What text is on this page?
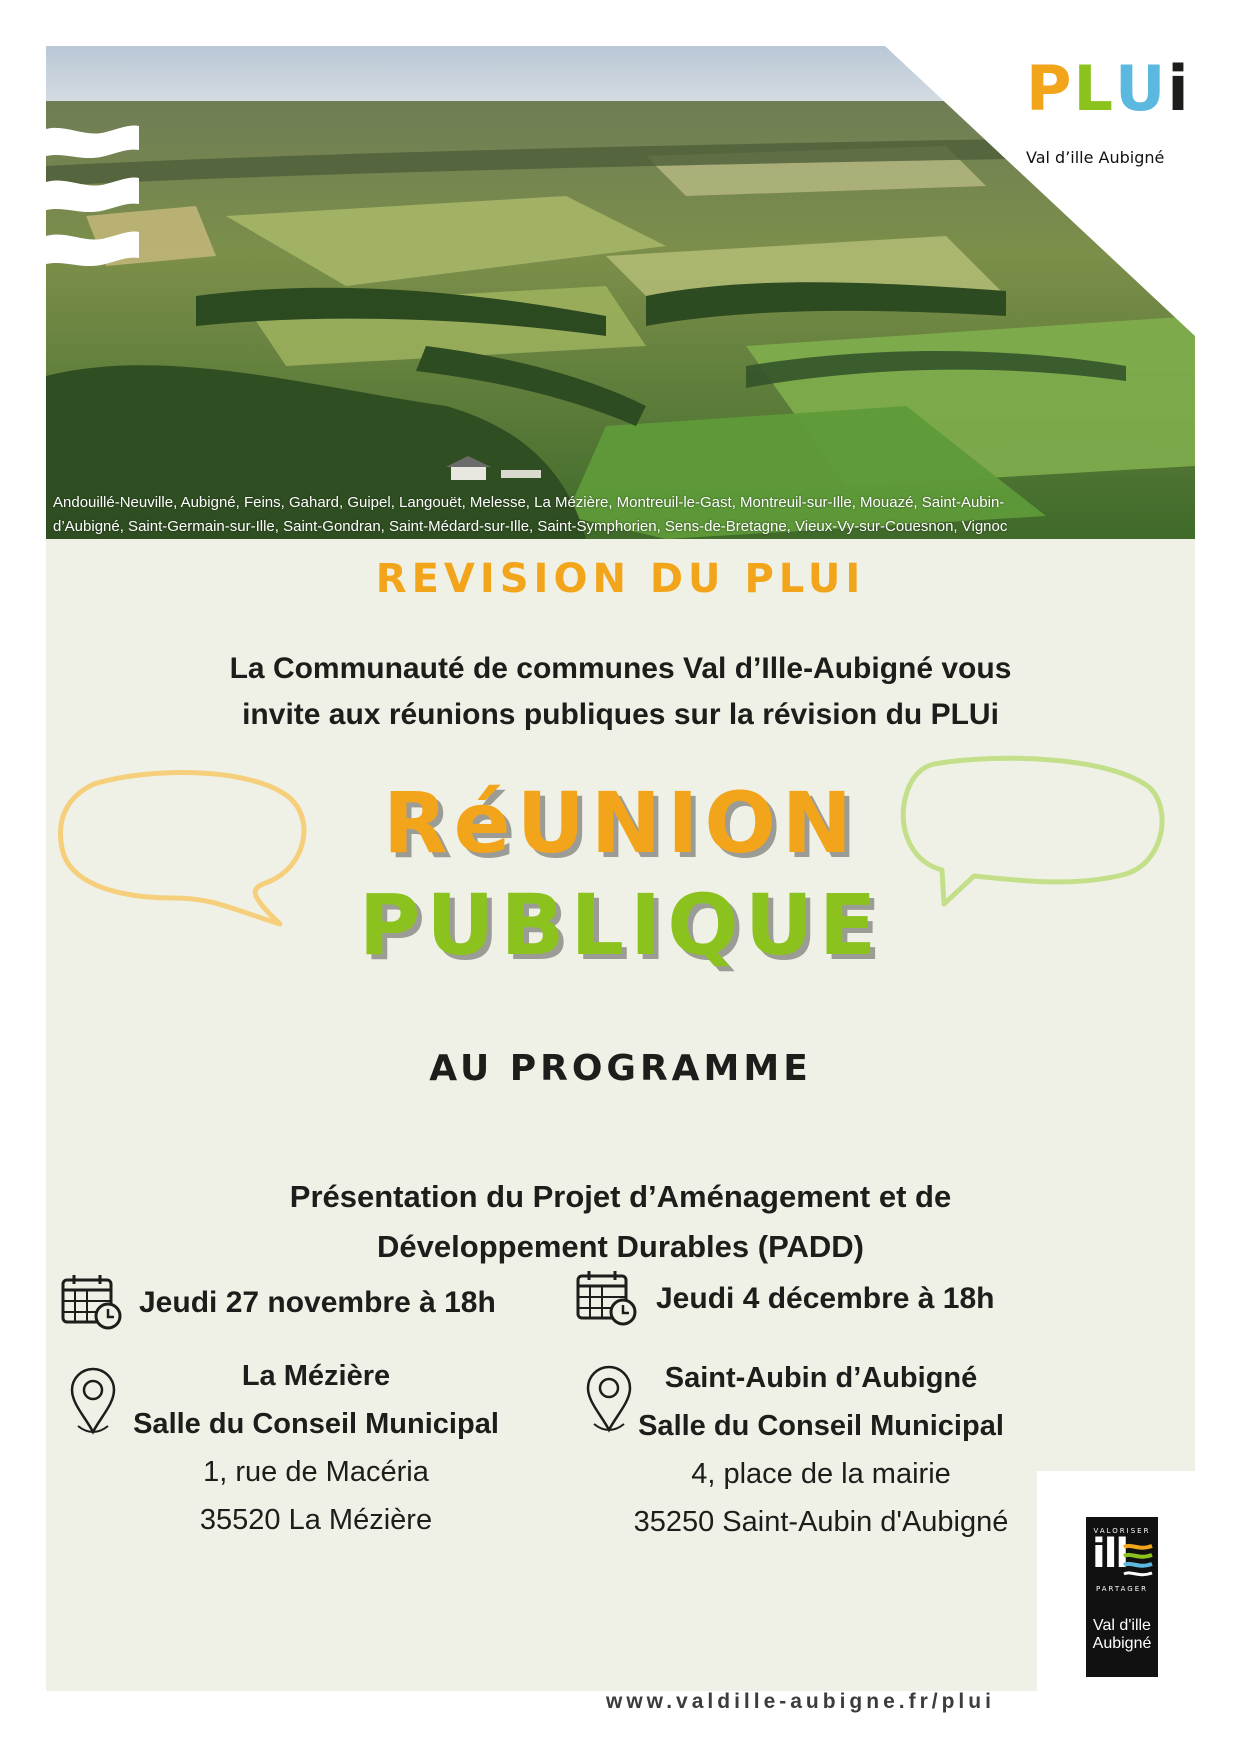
PLUi
Val d’ille Aubigné
Andouillé-Neuville, Aubigné, Feins, Gahard, Guipel, Langouët, Melesse, La Mézière, Montreuil-le-Gast, Montreuil-sur-Ille, Mouazé, Saint-Aubin-
d’Aubigné, Saint-Germain-sur-Ille, Saint-Gondran, Saint-Médard-sur-Ille, Saint-Symphorien, Sens-de-Bretagne, Vieux-Vy-sur-Couesnon, Vignoc
REVISION DU PLUI
La Communauté de communes Val d’Ille-Aubigné vous
invite aux réunions publiques sur la révision du PLUi
RéUNION
PUBLIQUE
AU PROGRAMME
Présentation du Projet d’Aménagement et de
Développement Durables (PADD)
Jeudi 27 novembre à 18h
La Mézière
Salle du Conseil Municipal
1, rue de Macéria
35520 La Mézière
Jeudi 4 décembre à 18h
Saint-Aubin d’Aubigné
Salle du Conseil Municipal
4, place de la mairie
35250 Saint-Aubin d'Aubigné
www.valdille-aubigne.fr/plui
VALORISER
ill
PARTAGER
Val d'ille
Aubigné
